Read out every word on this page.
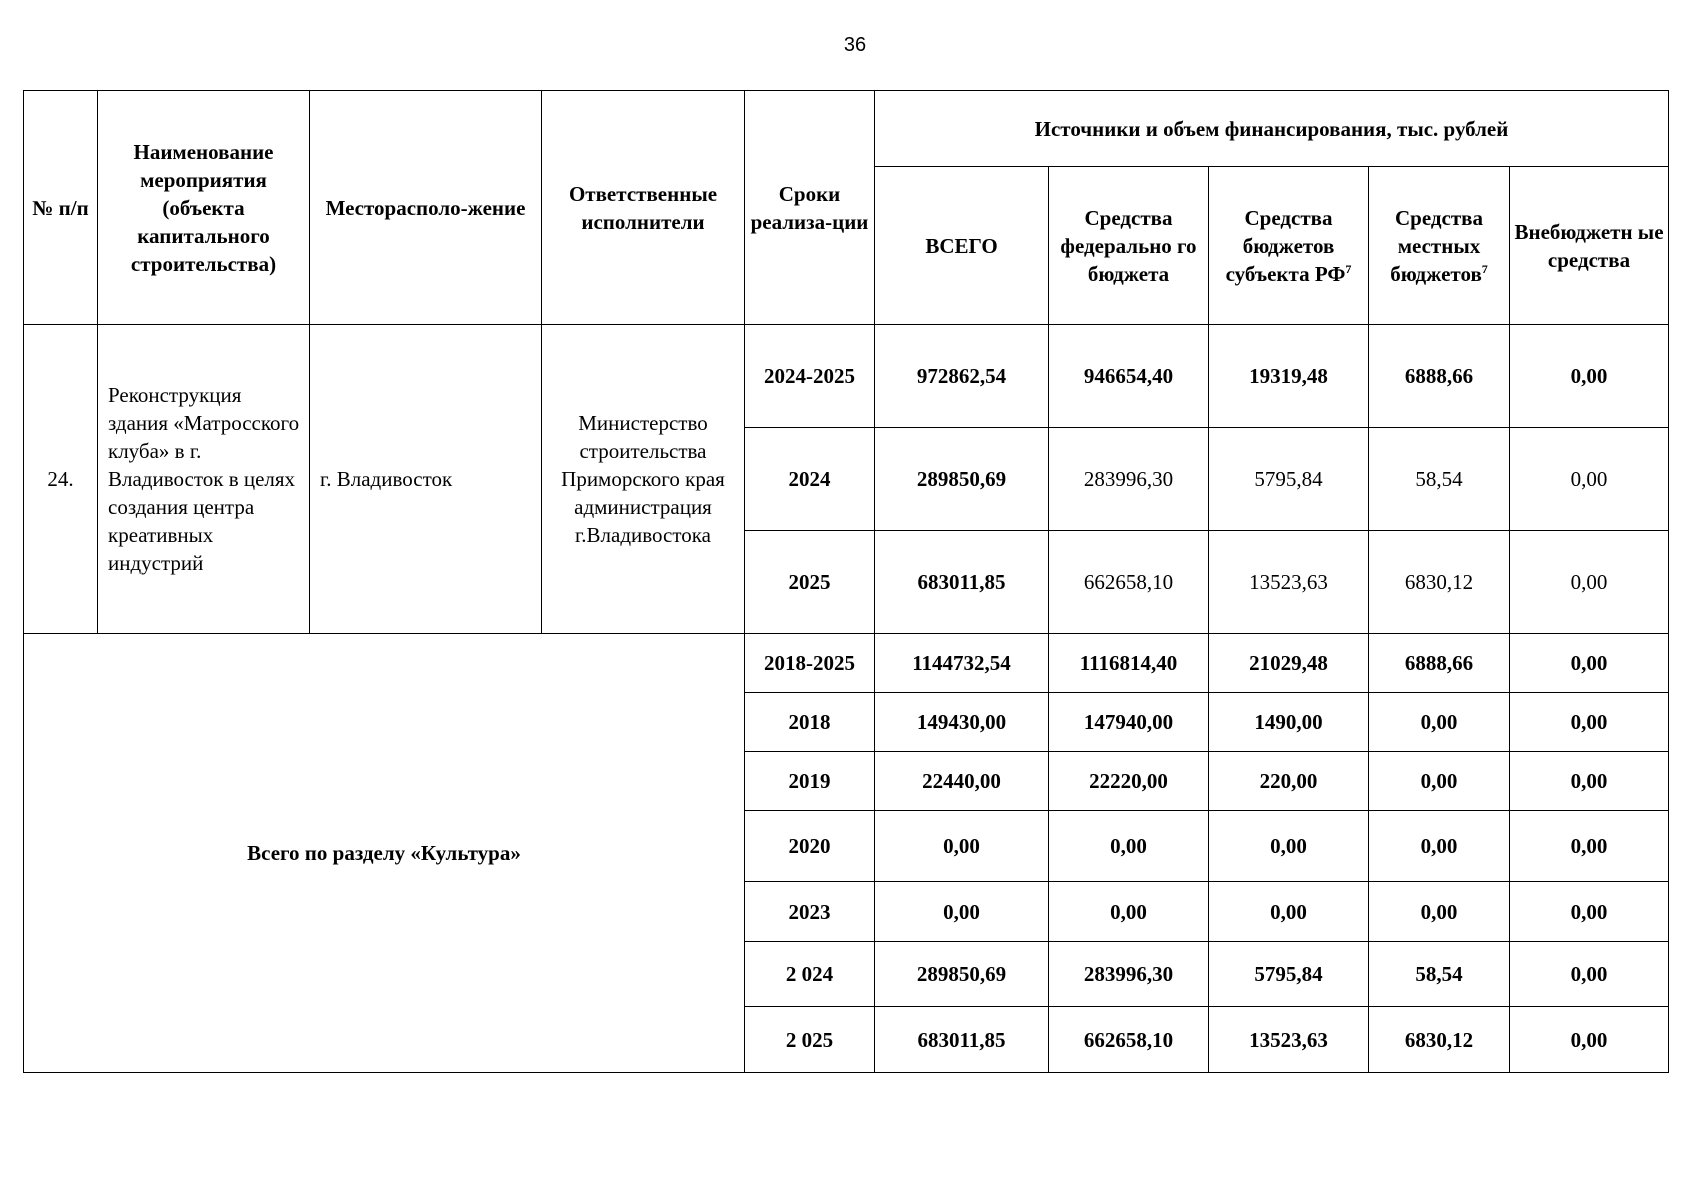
36
№ п/п	Наименование мероприятия (объекта капитального строительства)	Месторасполо-жение	Ответственные исполнители	Сроки реализа-ции	Источники и объем финансирования, тыс. рублей				
					ВСЕГО	Средства федерально го бюджета	Средства бюджетов субъекта $РФ^7$	Средства местных бюджетов$^7$	Внебюджетн ые средства
24.	Реконструкция здания «Матросского клуба» в г. Владивосток в целях создания центра креативных индустрий	г. Владивосток	Министерство строительства Приморского края администрация г.Владивостока	2024-2025	972862,54	946654,40	19319,48	6888,66	0,00
				2024	289850,69	283996,30	5795,84	58,54	0,00
				2025	683011,85	662658,10	13523,63	6830,12	0,00
Всего по разделу «Культура»				2018-2025	1144732,54	1116814,40	21029,48	6888,66	0,00
				2018	149430,00	147940,00	1490,00	0,00	0,00
				2019	22440,00	22220,00	220,00	0,00	0,00
				2020	0,00	0,00	0,00	0,00	0,00
				2023	0,00	0,00	0,00	0,00	0,00
				2 024	289850,69	283996,30	5795,84	58,54	0,00
				2 025	683011,85	662658,10	13523,63	6830,12	0,00
